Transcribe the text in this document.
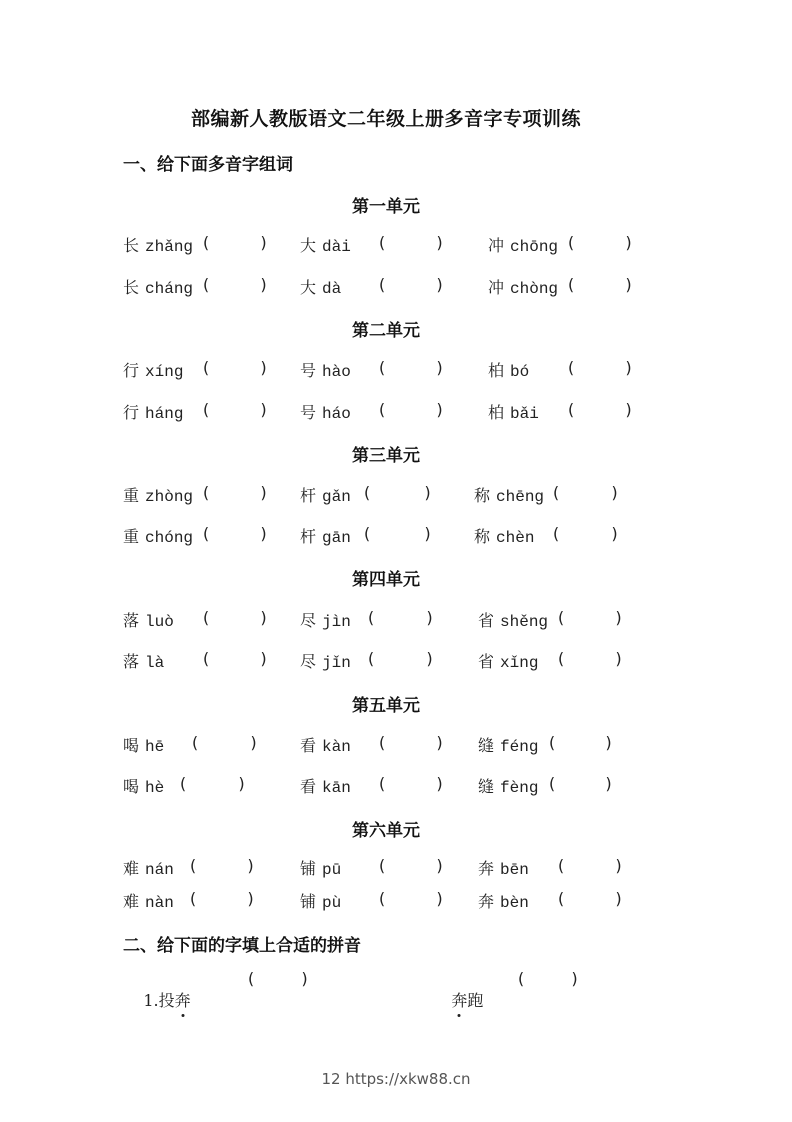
部编新人教版语文二年级上册多音字专项训练
一、给下面多音字组词
第一单元
长 zhǎng (	) 大 dài (	)	冲 chōng (	)
长 cháng (	) 大 dà (	)	冲 chòng (	)
第二单元
行 xíng (	) 号 hào (	)	柏 bó (	)
行 háng (	) 号 háo (	)	柏 bǎi (	)
第三单元
重 zhòng (	) 杆 gǎn (	)	称 chēng (	)
重 chóng (	) 杆 gān (	)	称 chèn (	)
第四单元
落 luò (	) 尽 jìn (	)	省 shěng (	)
落 là (	) 尽 jǐn (	)	省 xǐng (	)
第五单元
喝 hē (	)	看 kàn (	) 缝 féng (	)
喝 hè (	)	看 kān (	) 缝 fèng (	)
第六单元
难 nán (	)	铺 pū (	) 奔 bēn (	)
难 nàn (	)	铺 pù (	) 奔 bèn (	)
二、给下面的字填上合适的拼音

1.投奔

(	)

奔
跑

(	)
12 https://xkw88.cn
